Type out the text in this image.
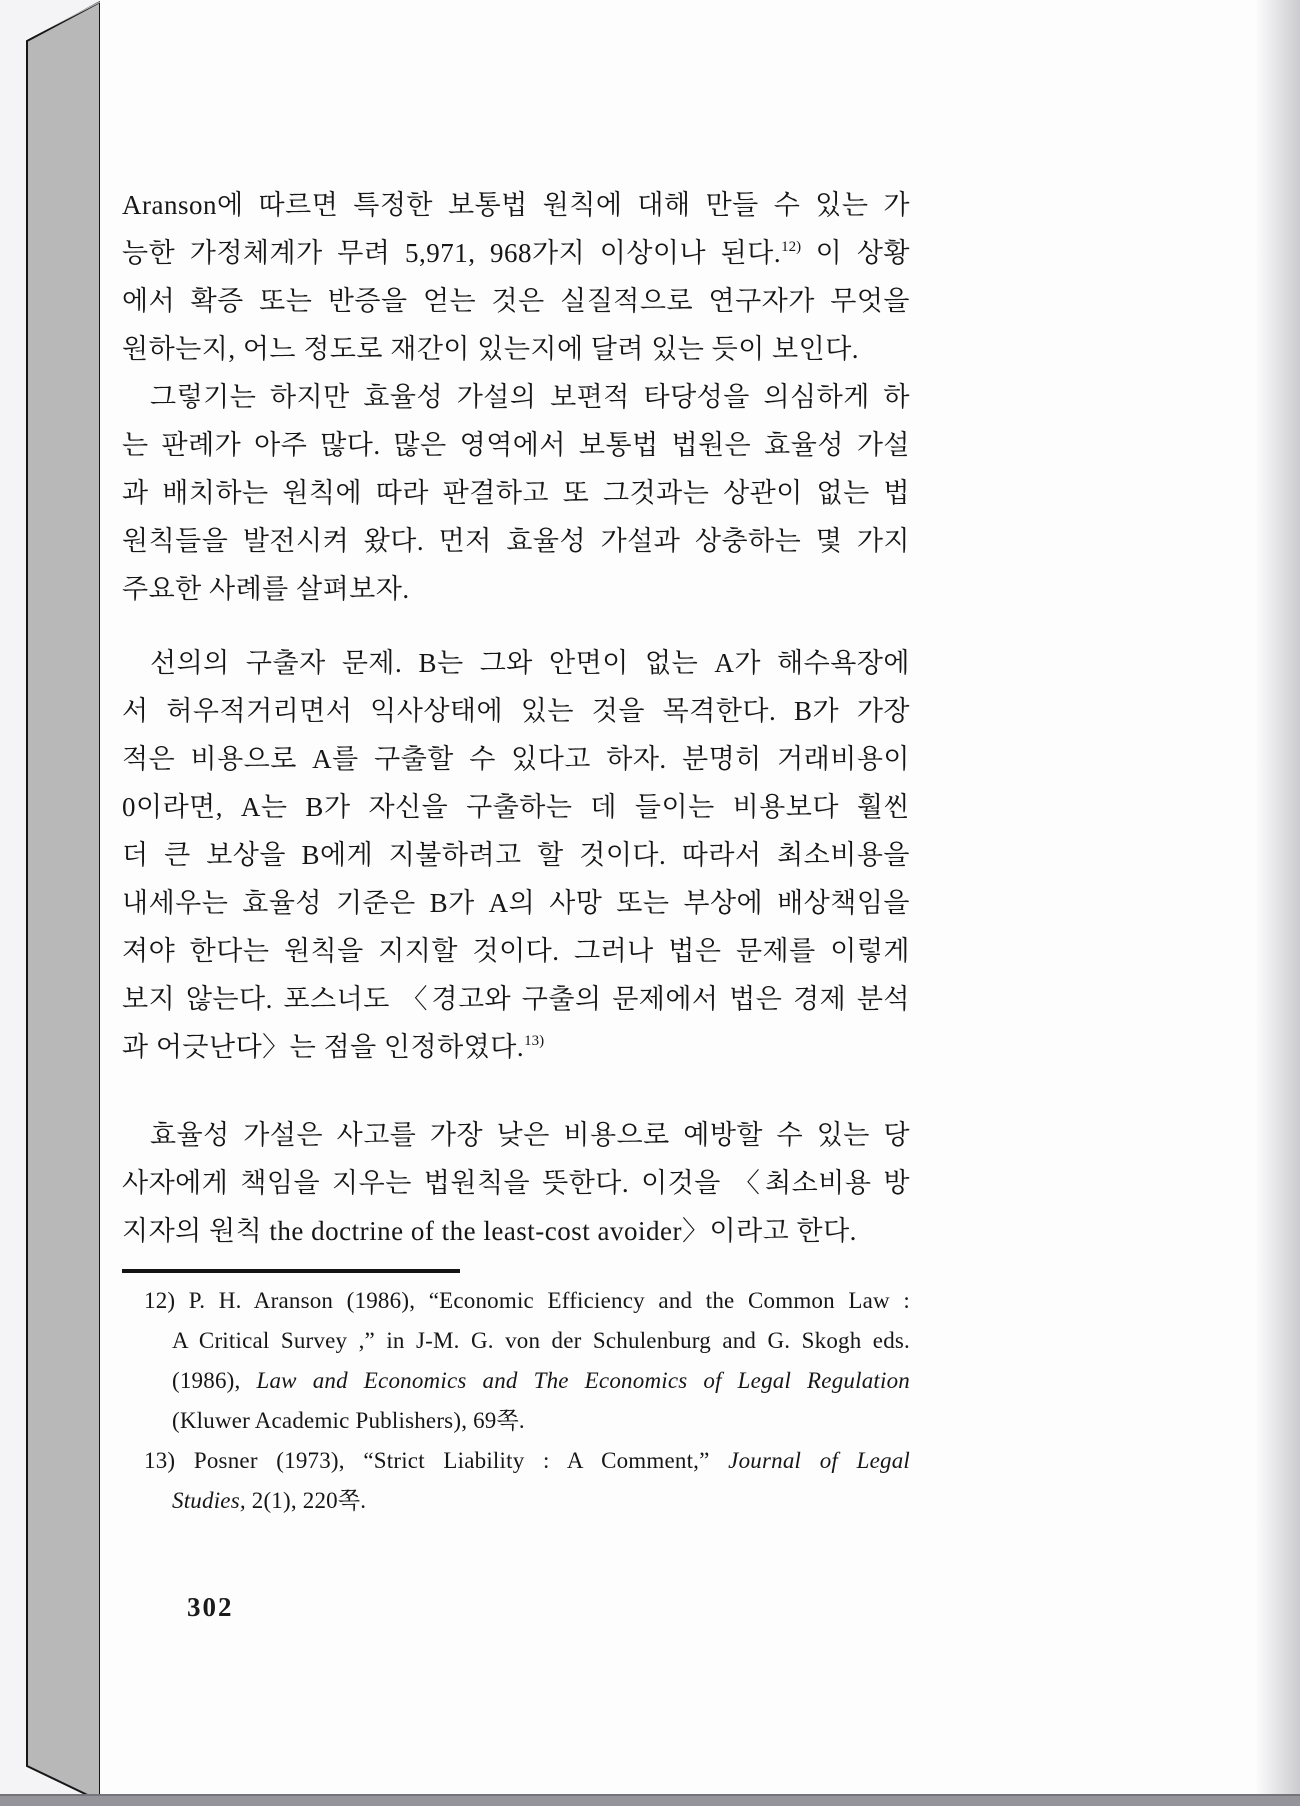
Aranson에 따르면 특정한 보통법 원칙에 대해 만들 수 있는 가
능한 가정체계가 무려 5,971, 968가지 이상이나 된다.$^{12)}$ 이 상황
에서 확증 또는 반증을 얻는 것은 실질적으로 연구자가 무엇을
원하는지, 어느 정도로 재간이 있는지에 달려 있는 듯이 보인다.
그렇기는 하지만 효율성 가설의 보편적 타당성을 의심하게 하
는 판례가 아주 많다. 많은 영역에서 보통법 법원은 효율성 가설
과 배치하는 원칙에 따라 판결하고 또 그것과는 상관이 없는 법
원칙들을 발전시켜 왔다. 먼저 효율성 가설과 상충하는 몇 가지
주요한 사례를 살펴보자.
선의의 구출자 문제. B는 그와 안면이 없는 A가 해수욕장에
서 허우적거리면서 익사상태에 있는 것을 목격한다. B가 가장
적은 비용으로 A를 구출할 수 있다고 하자. 분명히 거래비용이
0이라면, A는 B가 자신을 구출하는 데 들이는 비용보다 훨씬
더 큰 보상을 B에게 지불하려고 할 것이다. 따라서 최소비용을
내세우는 효율성 기준은 B가 A의 사망 또는 부상에 배상책임을
져야 한다는 원칙을 지지할 것이다. 그러나 법은 문제를 이렇게
보지 않는다. 포스너도 〈경고와 구출의 문제에서 법은 경제 분석
과 어긋난다〉는 점을 인정하였다.$^{13)}$
효율성 가설은 사고를 가장 낮은 비용으로 예방할 수 있는 당
사자에게 책임을 지우는 법원칙을 뜻한다. 이것을 〈최소비용 방
지자의 원칙 the doctrine of the least-cost avoider〉이라고 한다.
12) P. H. Aranson (1986), “Economic Efficiency and the Common Law :
A Critical Survey ,” in J-M. G. von der Schulenburg and G. Skogh eds.
(1986), Law and Economics and The Economics of Legal Regulation
(Kluwer Academic Publishers), 69쪽.
13) Posner (1973), “Strict Liability : A Comment,” Journal of Legal
Studies, 2(1), 220쪽.
302
